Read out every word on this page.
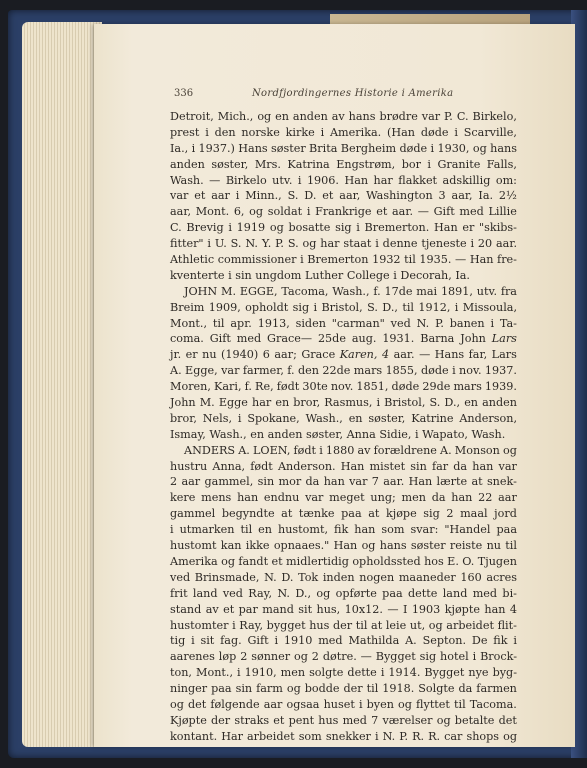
336	Nordfjordingernes Historie i Amerika
Detroit, Mich., og en anden av hans brødre var P. C. Birkelo,
prest i den norske kirke i Amerika. (Han døde i Scarville,
Ia., i 1937.) Hans søster Brita Bergheim døde i 1930, og hans
anden søster, Mrs. Katrina Engstrøm, bor i Granite Falls,
Wash. — Birkelo utv. i 1906. Han har flakket adskillig om:
var et aar i Minn., S. D. et aar, Washington 3 aar, Ia. 2½
aar, Mont. 6, og soldat i Frankrige et aar. — Gift med Lillie
C. Brevig i 1919 og bosatte sig i Bremerton. Han er "skibs-
fitter" i U. S. N. Y. P. S. og har staat i denne tjeneste i 20 aar.
Athletic commissioner i Bremerton 1932 til 1935. — Han fre-
kventerte i sin ungdom Luther College i Decorah, Ia.
JOHN M. EGGE, Tacoma, Wash., f. 17de mai 1891, utv. fra
Breim 1909, opholdt sig i Bristol, S. D., til 1912, i Missoula,
Mont., til apr. 1913, siden "carman" ved N. P. banen i Ta-
coma. Gift med Grace— 25de aug. 1931. Barna John Lars
jr. er nu (1940) 6 aar; Grace Karen, 4 aar. — Hans far, Lars
A. Egge, var farmer, f. den 22de mars 1855, døde i nov. 1937.
Moren, Kari, f. Re, født 30te nov. 1851, døde 29de mars 1939.
John M. Egge har en bror, Rasmus, i Bristol, S. D., en anden
bror, Nels, i Spokane, Wash., en søster, Katrine Anderson,
Ismay, Wash., en anden søster, Anna Sidie, i Wapato, Wash.
ANDERS A. LOEN, født i 1880 av forældrene A. Monson og
hustru Anna, født Anderson. Han mistet sin far da han var
2 aar gammel, sin mor da han var 7 aar. Han lærte at snek-
kere mens han endnu var meget ung; men da han 22 aar
gammel begyndte at tænke paa at kjøpe sig 2 maal jord
i utmarken til en hustomt, fik han som svar: "Handel paa
hustomt kan ikke opnaaes." Han og hans søster reiste nu til
Amerika og fandt et midlertidig opholdssted hos E. O. Tjugen
ved Brinsmade, N. D. Tok inden nogen maaneder 160 acres
frit land ved Ray, N. D., og opførte paa dette land med bi-
stand av et par mand sit hus, 10x12. — I 1903 kjøpte han 4
hustomter i Ray, bygget hus der til at leie ut, og arbeidet flit-
tig i sit fag. Gift i 1910 med Mathilda A. Septon. De fik i
aarenes løp 2 sønner og 2 døtre. — Bygget sig hotel i Brock-
ton, Mont., i 1910, men solgte dette i 1914. Bygget nye byg-
ninger paa sin farm og bodde der til 1918. Solgte da farmen
og det følgende aar ogsaa huset i byen og flyttet til Tacoma.
Kjøpte der straks et pent hus med 7 værelser og betalte det
kontant. Har arbeidet som snekker i N. P. R. R. car shops og
